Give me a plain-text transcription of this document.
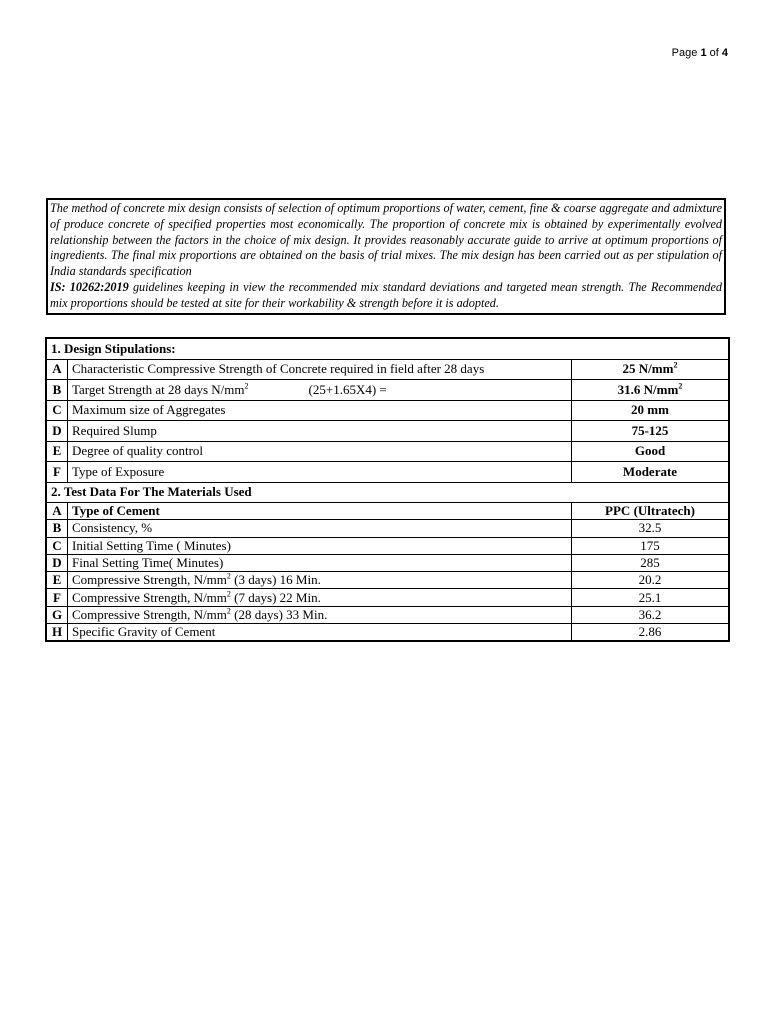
Page 1 of 4
The method of concrete mix design consists of selection of optimum proportions of water, cement, fine & coarse aggregate and admixture of produce concrete of specified properties most economically. The proportion of concrete mix is obtained by experimentally evolved relationship between the factors in the choice of mix design. It provides reasonably accurate guide to arrive at optimum proportions of ingredients. The final mix proportions are obtained on the basis of trial mixes. The mix design has been carried out as per stipulation of India standards specification
IS: 10262:2019 guidelines keeping in view the recommended mix standard deviations and targeted mean strength. The Recommended mix proportions should be tested at site for their workability & strength before it is adopted.
1. Design Stipulations:		
A	Characteristic Compressive Strength of Concrete required in field after 28 days	25 $N/mm^2$
B	Target Strength at 28 days $N/mm^2$ (25+1.65X4) =	31.6 $N/mm^2$
C	Maximum size of Aggregates	20 mm
D	Required Slump	75-125
E	Degree of quality control	Good
F	Type of Exposure	Moderate
2. Test Data For The Materials Used		
A	Type of Cement	PPC (Ultratech)
B	Consistency, %	32.5
C	Initial Setting Time ( Minutes)	175
D	Final Setting Time( Minutes)	285
E	Compressive Strength, $N/mm^2$ (3 days) 16 Min.	20.2
F	Compressive Strength, $N/mm^2$ (7 days) 22 Min.	25.1
G	Compressive Strength, $N/mm^2$ (28 days) 33 Min.	36.2
H	Specific Gravity of Cement	2.86
